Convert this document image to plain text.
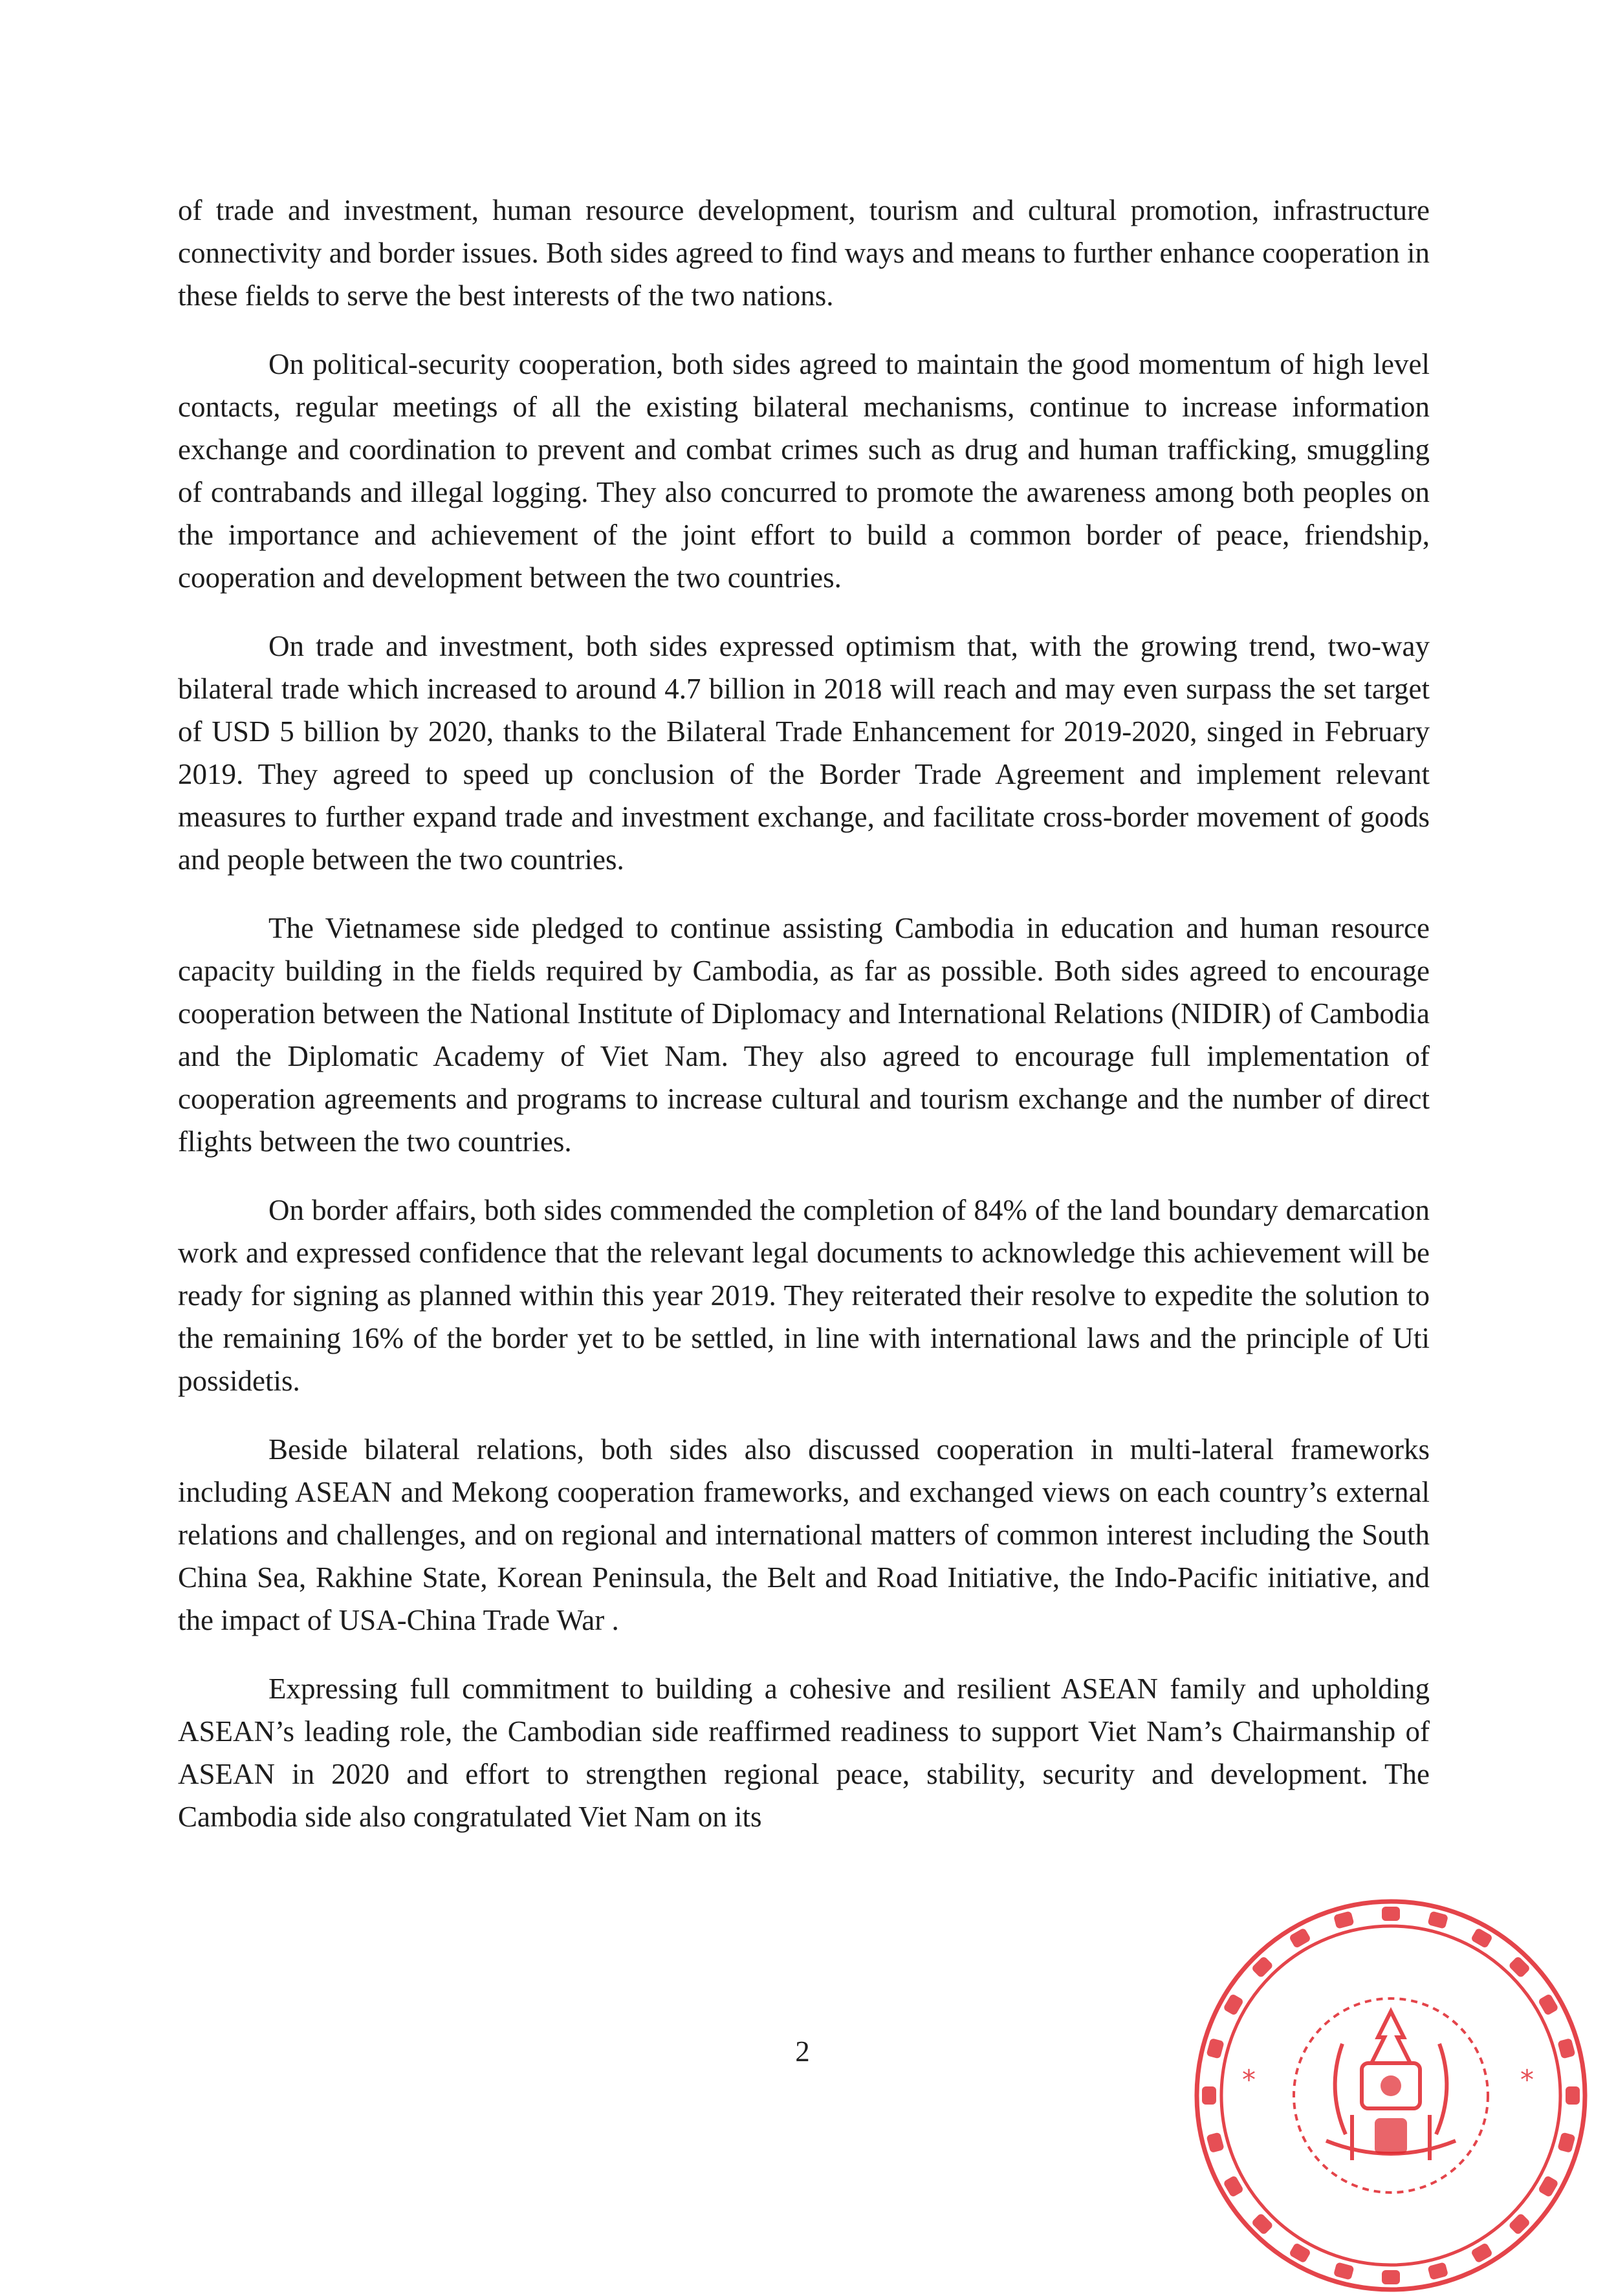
of trade and investment, human resource development, tourism and cultural promotion, infrastructure connectivity and border issues. Both sides agreed to find ways and means to further enhance cooperation in these fields to serve the best interests of the two nations.

On political-security cooperation, both sides agreed to maintain the good momentum of high level contacts, regular meetings of all the existing bilateral mechanisms, continue to increase information exchange and coordination to prevent and combat crimes such as drug and human trafficking, smuggling of contrabands and illegal logging. They also concurred to promote the awareness among both peoples on the importance and achievement of the joint effort to build a common border of peace, friendship, cooperation and development between the two countries.

On trade and investment, both sides expressed optimism that, with the growing trend, two-way bilateral trade which increased to around 4.7 billion in 2018 will reach and may even surpass the set target of USD 5 billion by 2020, thanks to the Bilateral Trade Enhancement for 2019-2020, singed in February 2019. They agreed to speed up conclusion of the Border Trade Agreement and implement relevant measures to further expand trade and investment exchange, and facilitate cross-border movement of goods and people between the two countries.

The Vietnamese side pledged to continue assisting Cambodia in education and human resource capacity building in the fields required by Cambodia, as far as possible. Both sides agreed to encourage cooperation between the National Institute of Diplomacy and International Relations (NIDIR) of Cambodia and the Diplomatic Academy of Viet Nam. They also agreed to encourage full implementation of cooperation agreements and programs to increase cultural and tourism exchange and the number of direct flights between the two countries.

On border affairs, both sides commended the completion of 84% of the land boundary demarcation work and expressed confidence that the relevant legal documents to acknowledge this achievement will be ready for signing as planned within this year 2019. They reiterated their resolve to expedite the solution to the remaining 16% of the border yet to be settled, in line with international laws and the principle of Uti possidetis.

Beside bilateral relations, both sides also discussed cooperation in multi-lateral frameworks including ASEAN and Mekong cooperation frameworks, and exchanged views on each country’s external relations and challenges, and on regional and international matters of common interest including the South China Sea, Rakhine State, Korean Peninsula, the Belt and Road Initiative, the Indo-Pacific initiative, and the impact of USA-China Trade War .

Expressing full commitment to building a cohesive and resilient ASEAN family and upholding ASEAN’s leading role, the Cambodian side reaffirmed readiness to support Viet Nam’s Chairmanship of ASEAN in 2020 and effort to strengthen regional peace, stability, security and development. The Cambodia side also congratulated Viet Nam on its

2
*	*
